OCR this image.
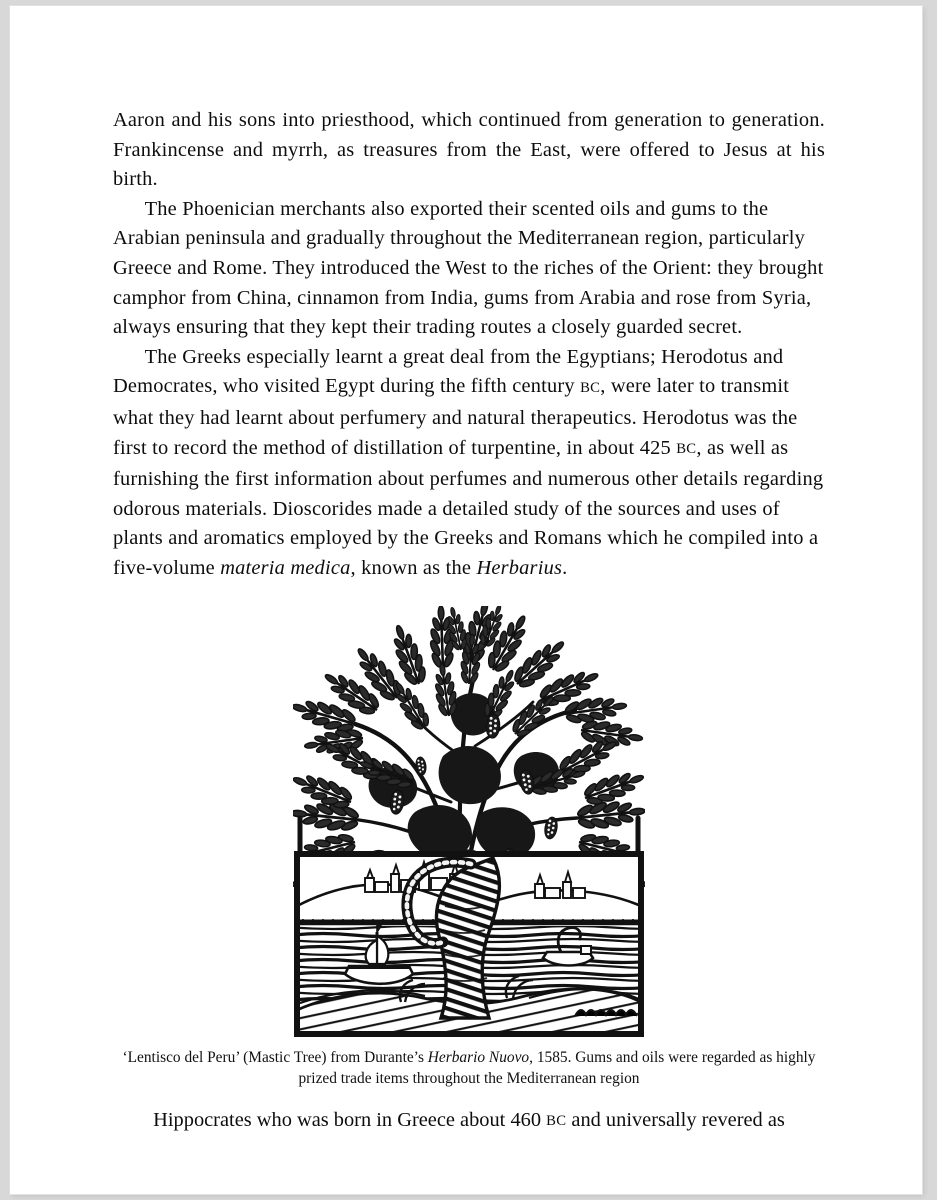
Aaron and his sons into priesthood, which continued from generation to generation. Frankincense and myrrh, as treasures from the East, were offered to Jesus at his birth.

The Phoenician merchants also exported their scented oils and gums to the Arabian peninsula and gradually throughout the Mediterranean region, particularly Greece and Rome. They introduced the West to the riches of the Orient: they brought camphor from China, cinnamon from India, gums from Arabia and rose from Syria, always ensuring that they kept their trading routes a closely guarded secret.

The Greeks especially learnt a great deal from the Egyptians; Herodotus and Democrates, who visited Egypt during the fifth century BC, were later to transmit what they had learnt about perfumery and natural therapeutics. Herodotus was the first to record the method of distillation of turpentine, in about 425 BC, as well as furnishing the first information about perfumes and numerous other details regarding odorous materials. Dioscorides made a detailed study of the sources and uses of plants and aromatics employed by the Greeks and Romans which he compiled into a five-volume materia medica, known as the Herbarius.

‘Lentisco del Peru’ (Mastic Tree) from Durante’s Herbario Nuovo, 1585. Gums and oils were regarded as highly prized trade items throughout the Mediterranean region
Hippocrates who was born in Greece about 460 BC and universally revered as
